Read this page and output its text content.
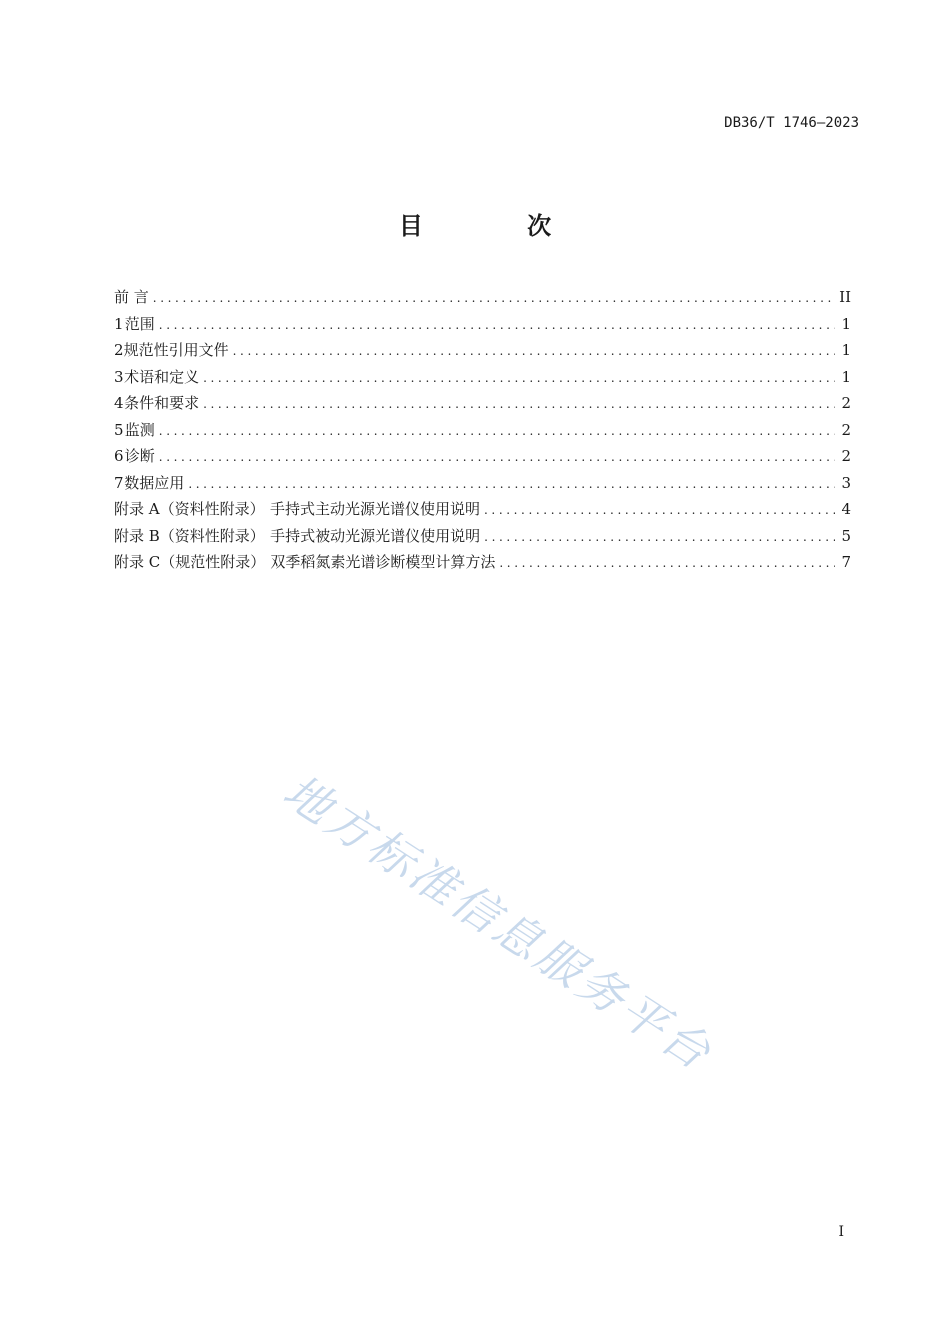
DB36/T 1746—2023
目 次
前 言 .....	II
1 范围 .....	1
2 规范性引用文件 .....	1
3 术语和定义 .....	1
4 条件和要求 .....	2
5 监测 .....	2
6 诊断 .....	2
7 数据应用 .....	3
附录 A（资料性附录） 手持式主动光源光谱仪使用说明 .....	4
附录 B（资料性附录） 手持式被动光源光谱仪使用说明 .....	5
附录 C（规范性附录） 双季稻氮素光谱诊断模型计算方法 .....	7
地方标准信息服务平台
I
